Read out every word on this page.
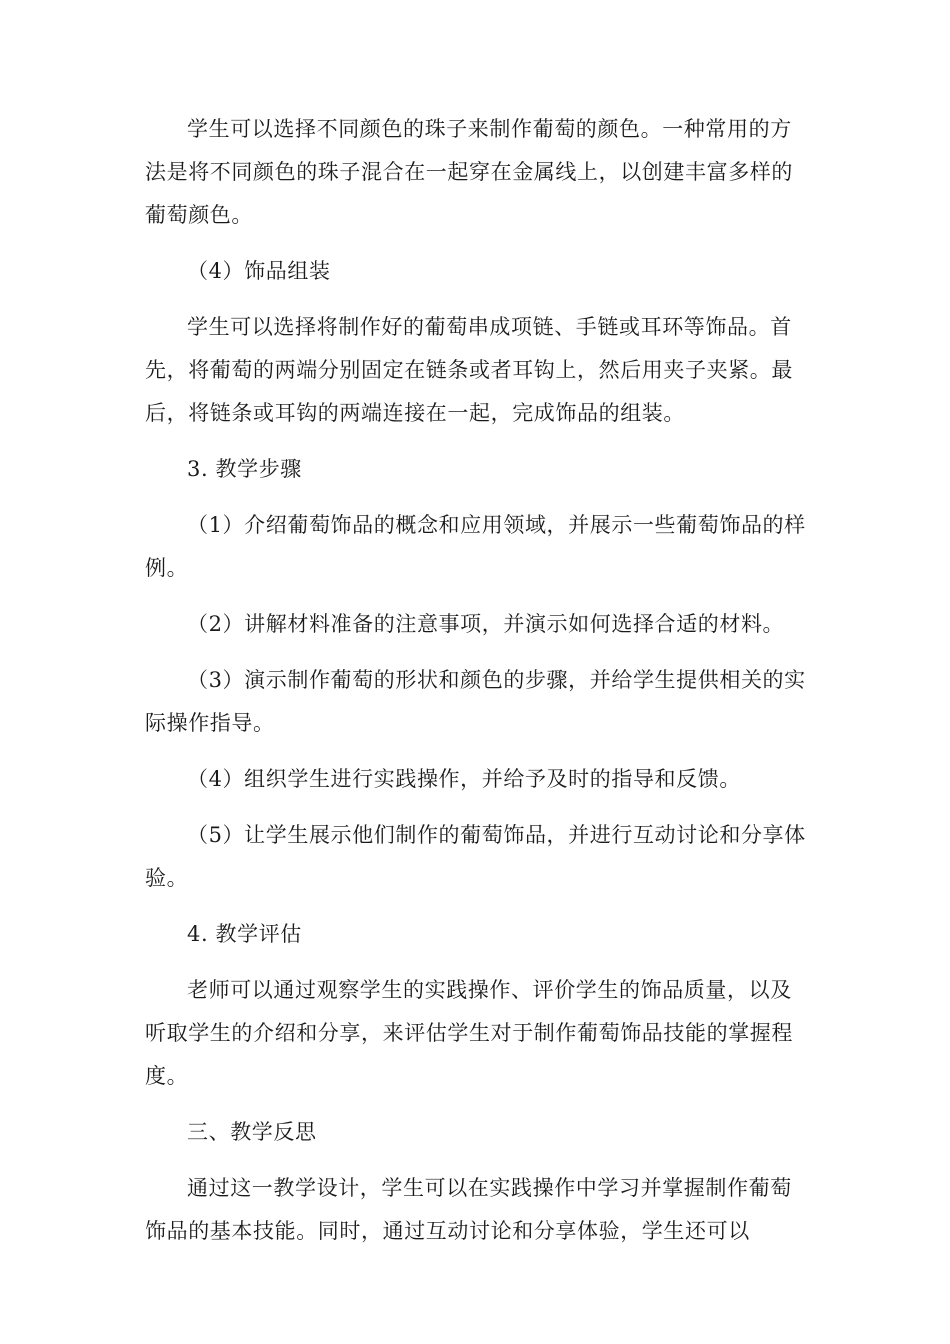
学生可以选择不同颜色的珠子来制作葡萄的颜色。一种常用的方法是将不同颜色的珠子混合在一起穿在金属线上，以创建丰富多样的葡萄颜色。

（4）饰品组装

学生可以选择将制作好的葡萄串成项链、手链或耳环等饰品。首先，将葡萄的两端分别固定在链条或者耳钩上，然后用夹子夹紧。最后，将链条或耳钩的两端连接在一起，完成饰品的组装。

3. 教学步骤

（1）介绍葡萄饰品的概念和应用领域，并展示一些葡萄饰品的样例。

（2）讲解材料准备的注意事项，并演示如何选择合适的材料。

（3）演示制作葡萄的形状和颜色的步骤，并给学生提供相关的实际操作指导。

（4）组织学生进行实践操作，并给予及时的指导和反馈。

（5）让学生展示他们制作的葡萄饰品，并进行互动讨论和分享体验。

4. 教学评估

老师可以通过观察学生的实践操作、评价学生的饰品质量，以及听取学生的介绍和分享，来评估学生对于制作葡萄饰品技能的掌握程度。

三、教学反思

通过这一教学设计，学生可以在实践操作中学习并掌握制作葡萄饰品的基本技能。同时，通过互动讨论和分享体验，学生还可以
